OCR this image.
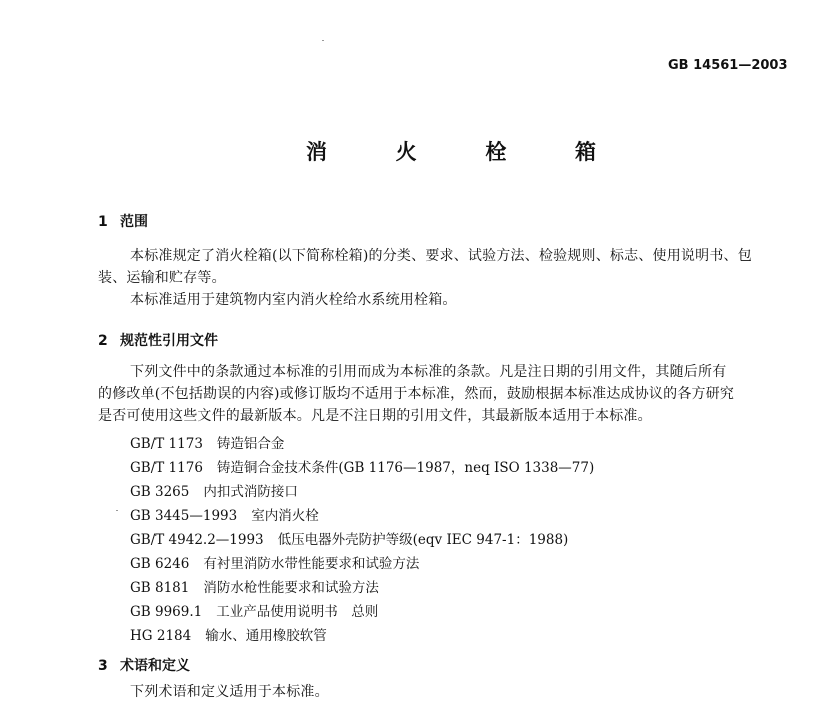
GB 14561—2003
消	火	栓	箱
1 范围
本标准规定了消火栓箱(以下简称栓箱)的分类、要求、试验方法、检验规则、标志、使用说明书、包
装、运输和贮存等。
本标准适用于建筑物内室内消火栓给水系统用栓箱。
2 规范性引用文件
下列文件中的条款通过本标准的引用而成为本标准的条款。凡是注日期的引用文件，其随后所有
的修改单(不包括勘误的内容)或修订版均不适用于本标准，然而，鼓励根据本标准达成协议的各方研究
是否可使用这些文件的最新版本。凡是不注日期的引用文件，其最新版本适用于本标准。
GB/T 1173 铸造铝合金
GB/T 1176 铸造铜合金技术条件(GB 1176—1987，neq ISO 1338—77)
GB 3265 内扣式消防接口
GB 3445—1993 室内消火栓
GB/T 4942.2—1993 低压电器外壳防护等级(eqv IEC 947-1：1988)
GB 6246 有衬里消防水带性能要求和试验方法
GB 8181 消防水枪性能要求和试验方法
GB 9969.1 工业产品使用说明书　总则
HG 2184 输水、通用橡胶软管
3 术语和定义
下列术语和定义适用于本标准。
